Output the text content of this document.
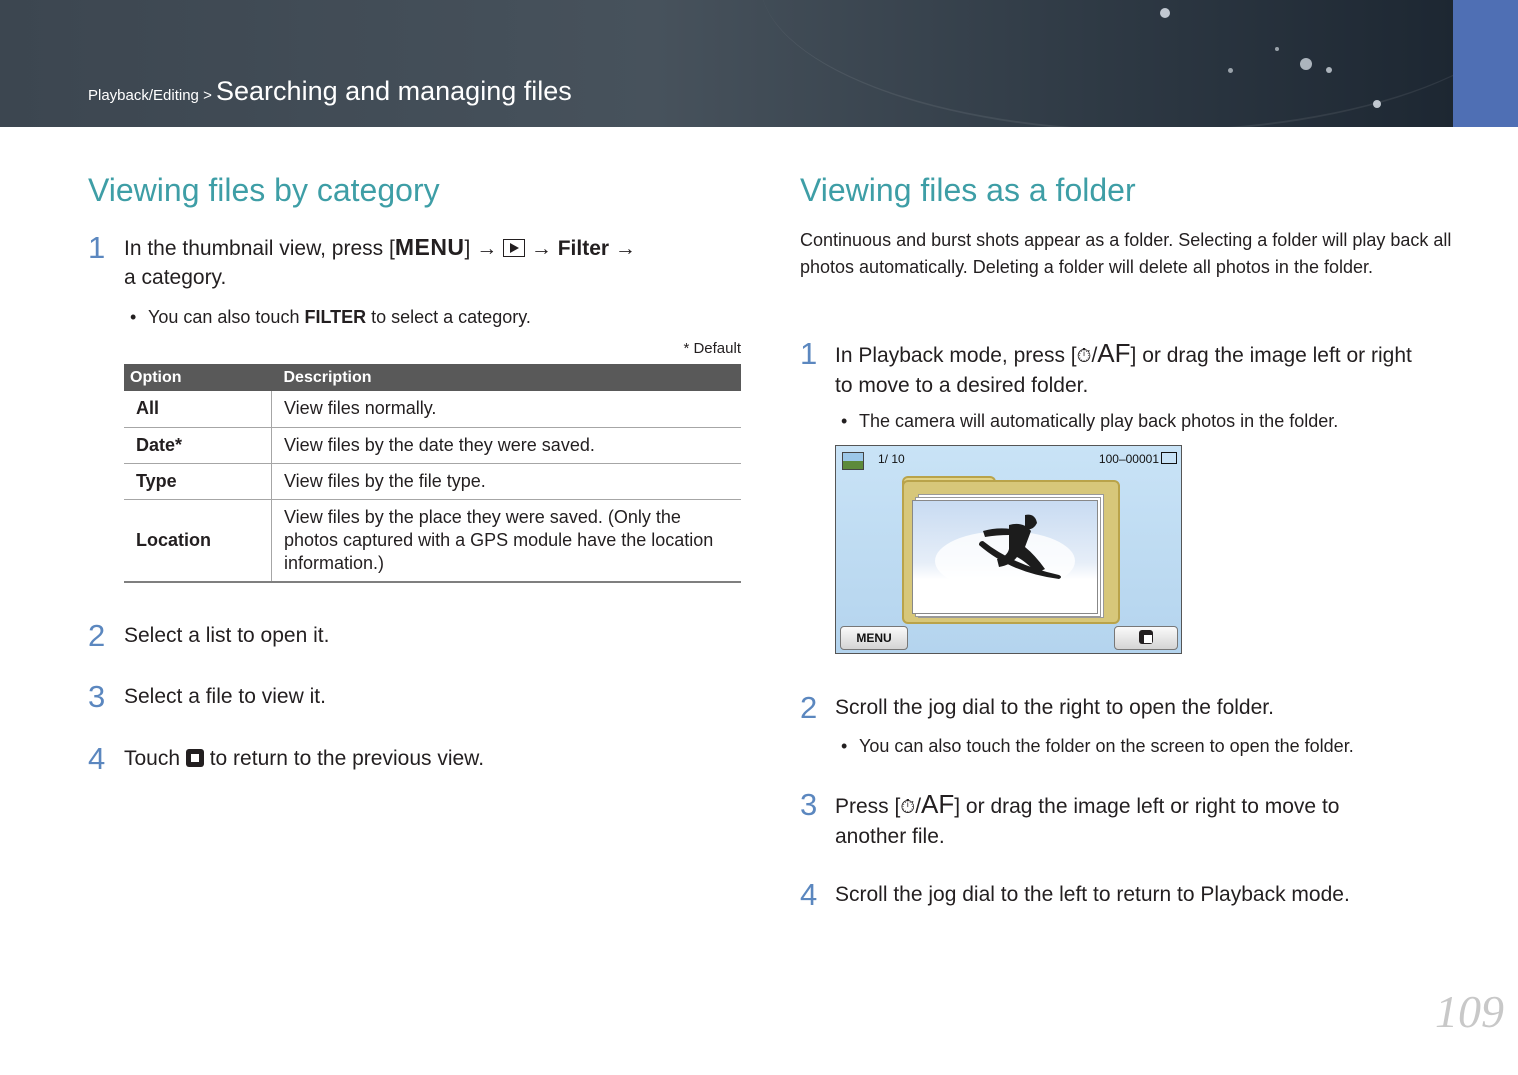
Playback/Editing > Searching and managing files
Viewing files by category
1 In the thumbnail view, press [MENU] →  → Filter →
a category.
• You can also touch FILTER to select a category.
* Default
Option	Description
All	View files normally.
Date*	View files by the date they were saved.
Type	View files by the file type.
Location	View files by the place they were saved. (Only the photos captured with a GPS module have the location information.)
2 Select a list to open it.
3 Select a file to view it.
4 Touch  to return to the previous view.
Viewing files as a folder
Continuous and burst shots appear as a folder. Selecting a folder will play back all photos automatically. Deleting a folder will delete all photos in the folder.
1 In Playback mode, press [⏱/AF] or drag the image left or right to move to a desired folder.
• The camera will automatically play back photos in the folder.
1/ 10	100–00001
MENU
2 Scroll the jog dial to the right to open the folder.
• You can also touch the folder on the screen to open the folder.
3 Press [⏱/AF] or drag the image left or right to move to another file.
4 Scroll the jog dial to the left to return to Playback mode.
109
